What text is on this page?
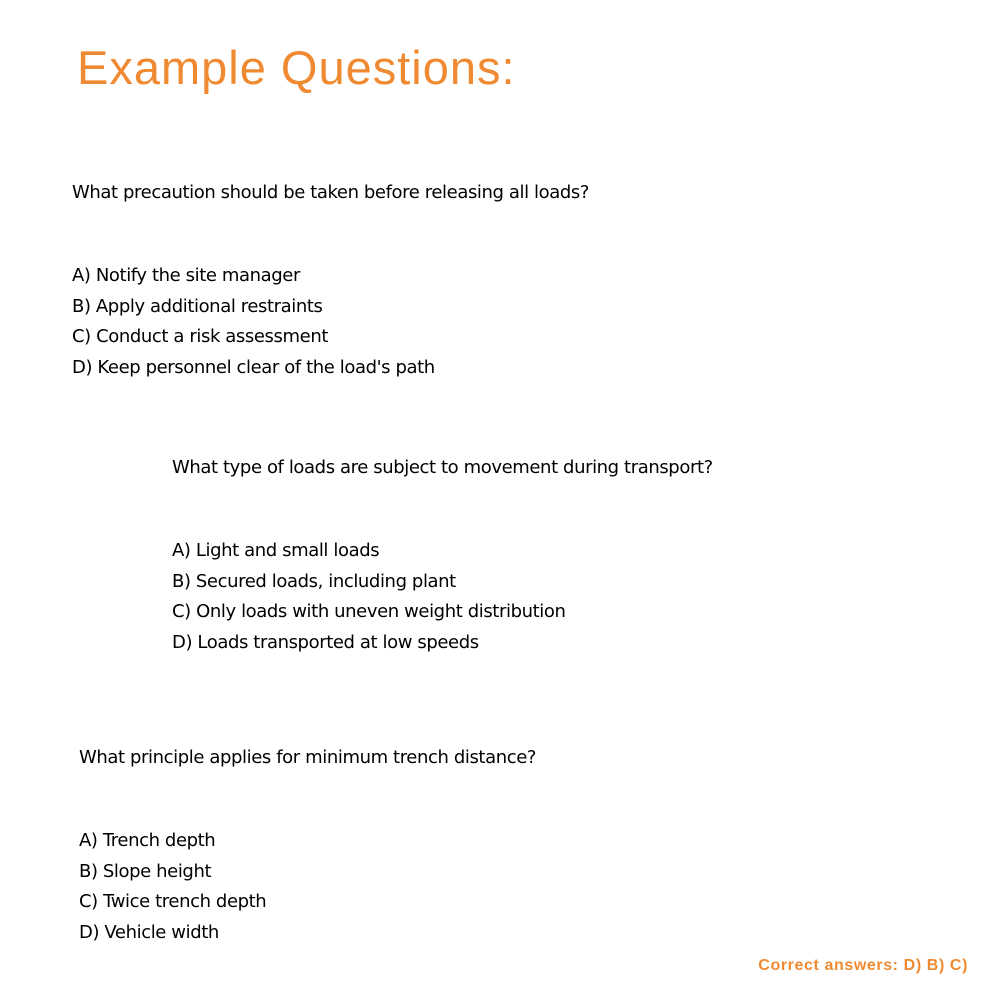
Example Questions:

What precaution should be taken before releasing all loads?

A) Notify the site manager
B) Apply additional restraints
C) Conduct a risk assessment
D) Keep personnel clear of the load's path

What type of loads are subject to movement during transport?

A) Light and small loads
B) Secured loads, including plant
C) Only loads with uneven weight distribution
D) Loads transported at low speeds

What principle applies for minimum trench distance?

A) Trench depth
B) Slope height
C) Twice trench depth
D) Vehicle width
Correct answers: D) B) C)
